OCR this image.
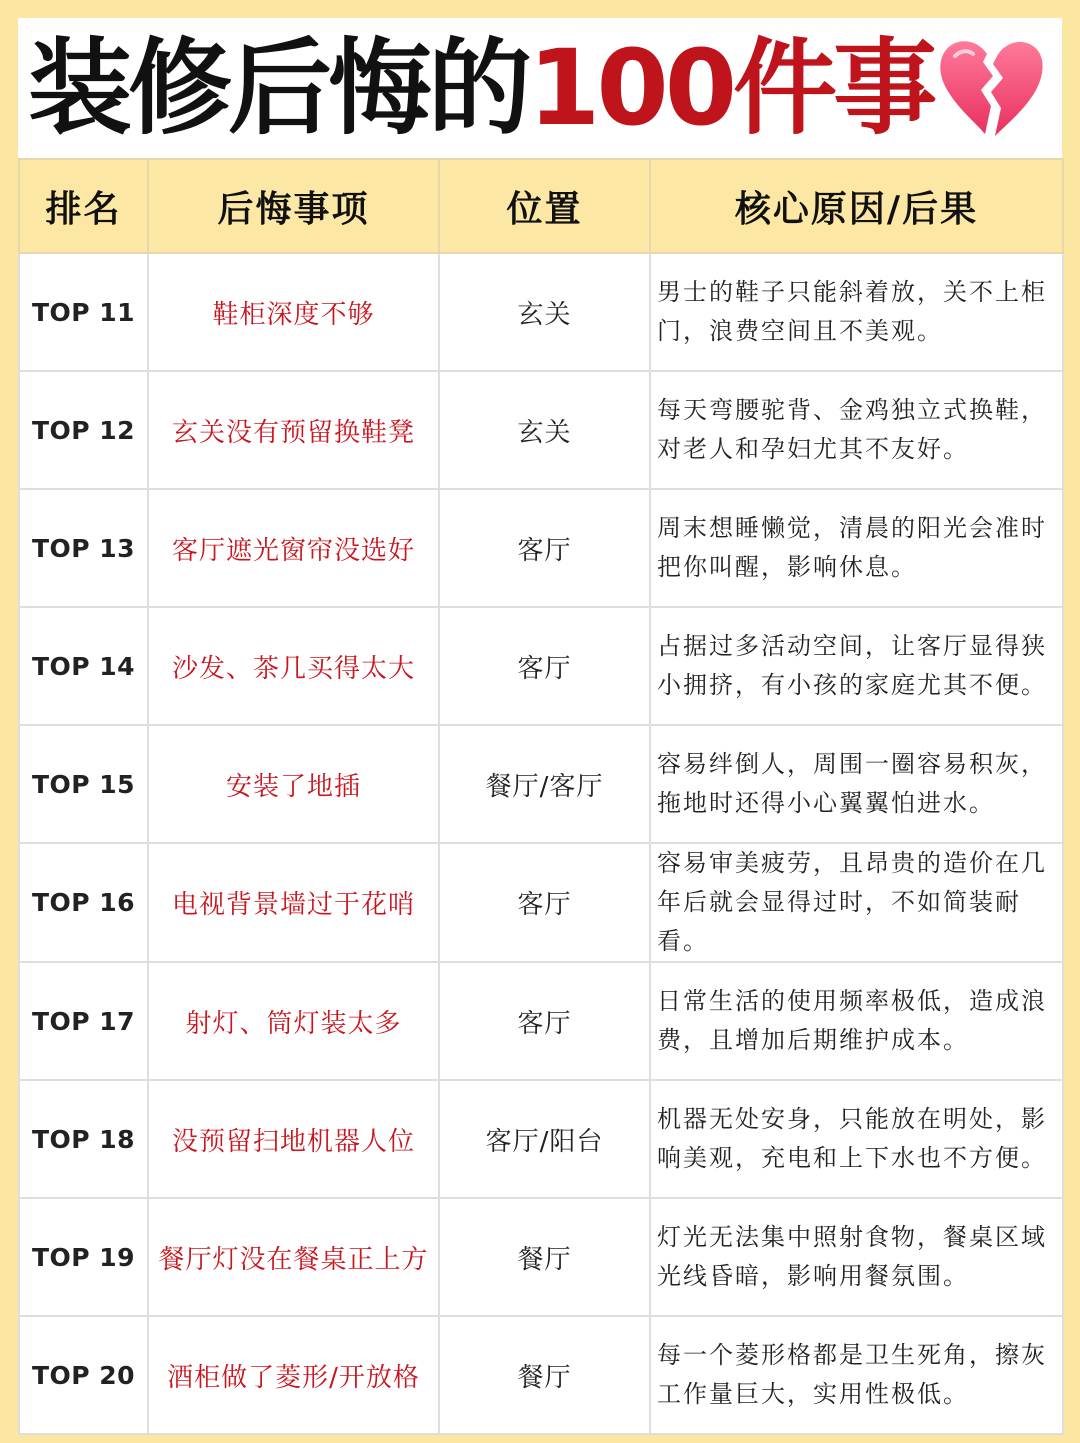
装修后悔的 100件事
排名	后悔事项	位置	核心原因/后果
TOP 11	鞋柜深度不够	玄关	男士的鞋子只能斜着放，关不上柜门，浪费空间且不美观。
TOP 12	玄关没有预留换鞋凳	玄关	每天弯腰驼背、金鸡独立式换鞋，对老人和孕妇尤其不友好。
TOP 13	客厅遮光窗帘没选好	客厅	周末想睡懒觉，清晨的阳光会准时把你叫醒，影响休息。
TOP 14	沙发、茶几买得太大	客厅	占据过多活动空间，让客厅显得狭小拥挤，有小孩的家庭尤其不便。
TOP 15	安装了地插	餐厅/客厅	容易绊倒人，周围一圈容易积灰，拖地时还得小心翼翼怕进水。
TOP 16	电视背景墙过于花哨	客厅	容易审美疲劳，且昂贵的造价在几年后就会显得过时，不如简装耐看。
TOP 17	射灯、筒灯装太多	客厅	日常生活的使用频率极低，造成浪费，且增加后期维护成本。
TOP 18	没预留扫地机器人位	客厅/阳台	机器无处安身，只能放在明处，影响美观，充电和上下水也不方便。
TOP 19	餐厅灯没在餐桌正上方	餐厅	灯光无法集中照射食物，餐桌区域光线昏暗，影响用餐氛围。
TOP 20	酒柜做了菱形/开放格	餐厅	每一个菱形格都是卫生死角，擦灰工作量巨大，实用性极低。
